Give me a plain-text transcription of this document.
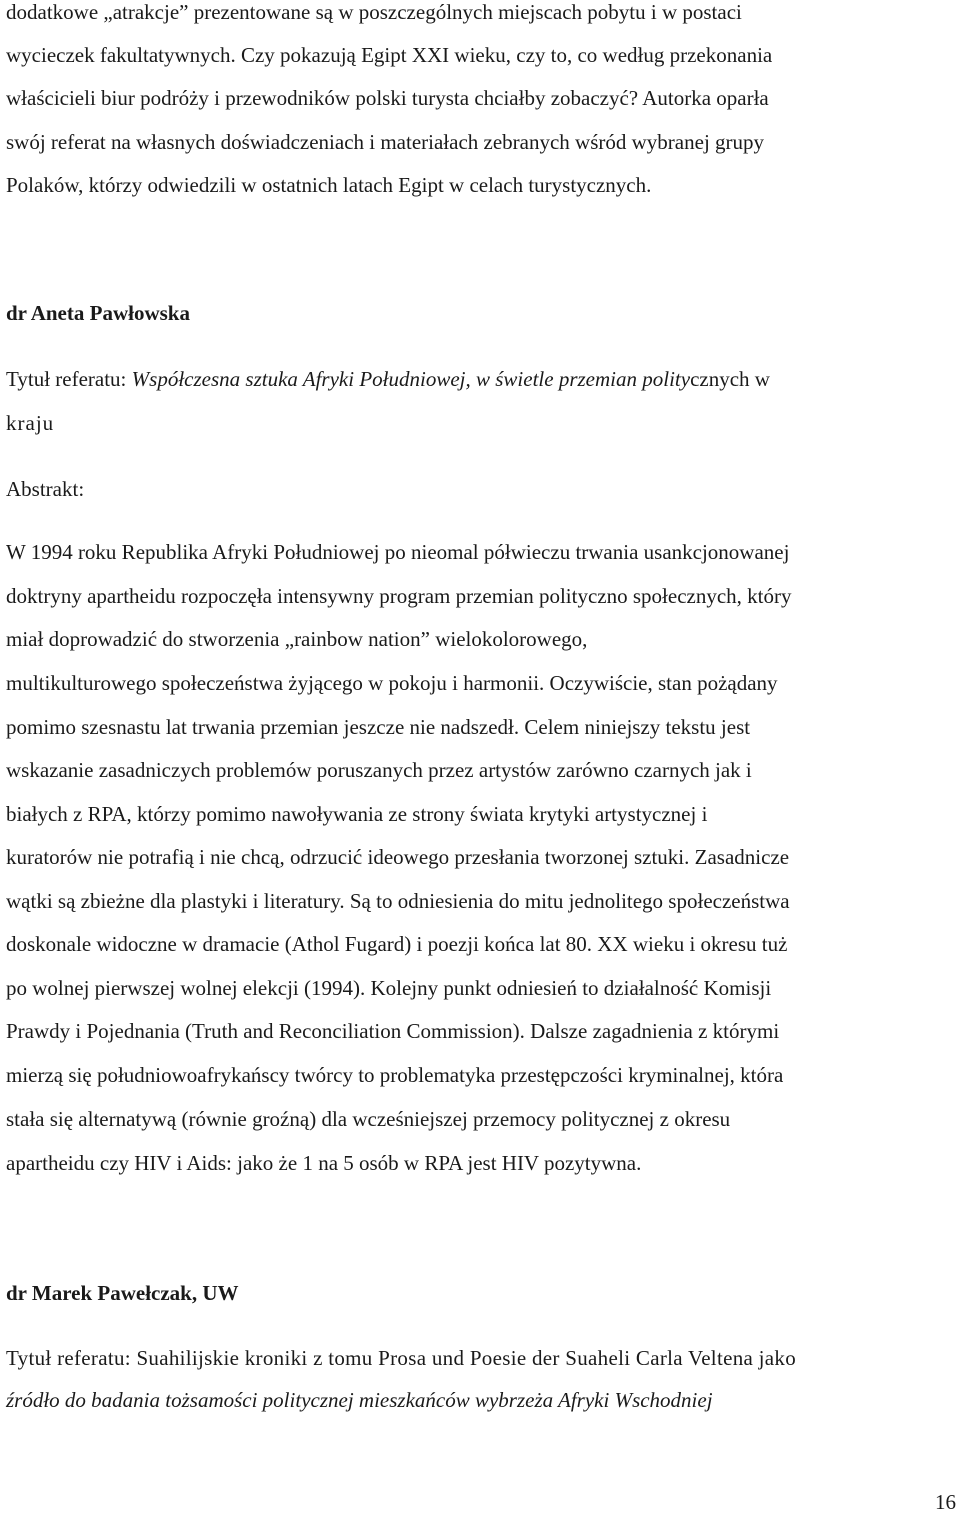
dodatkowe „atrakcje” prezentowane są w poszczególnych miejscach pobytu i w postaci
wycieczek fakultatywnych. Czy pokazują Egipt XXI wieku, czy to, co według przekonania
właścicieli biur podróży i przewodników polski turysta chciałby zobaczyć? Autorka oparła
swój referat na własnych doświadczeniach i materiałach zebranych wśród wybranej grupy
Polaków, którzy odwiedzili w ostatnich latach Egipt w celach turystycznych.
dr Aneta Pawłowska
Tytuł referatu: Współczesna sztuka Afryki Południowej, w świetle przemian politycznych w
kraju
Abstrakt:
W 1994 roku Republika Afryki Południowej po nieomal półwieczu trwania usankcjonowanej
doktryny apartheidu rozpoczęła intensywny program przemian polityczno społecznych, który
miał doprowadzić do stworzenia „rainbow nation” wielokolorowego,
multikulturowego społeczeństwa żyjącego w pokoju i harmonii. Oczywiście, stan pożądany
pomimo szesnastu lat trwania przemian jeszcze nie nadszedł. Celem niniejszy tekstu jest
wskazanie zasadniczych problemów poruszanych przez artystów zarówno czarnych jak i
białych z RPA, którzy pomimo nawoływania ze strony świata krytyki artystycznej i
kuratorów nie potrafią i nie chcą, odrzucić ideowego przesłania tworzonej sztuki. Zasadnicze
wątki są zbieżne dla plastyki i literatury. Są to odniesienia do mitu jednolitego społeczeństwa
doskonale widoczne w dramacie (Athol Fugard) i poezji końca lat 80. XX wieku i okresu tuż
po wolnej pierwszej wolnej elekcji (1994). Kolejny punkt odniesień to działalność Komisji
Prawdy i Pojednania (Truth and Reconciliation Commission). Dalsze zagadnienia z którymi
mierzą się południowoafrykańscy twórcy to problematyka przestępczości kryminalnej, która
stała się alternatywą (równie groźną) dla wcześniejszej przemocy politycznej z okresu
apartheidu czy HIV i Aids: jako że 1 na 5 osób w RPA jest HIV pozytywna.
dr Marek Pawełczak, UW
Tytuł referatu: Suahilijskie kroniki z tomu Prosa und Poesie der Suaheli Carla Veltena jako
źródło do badania tożsamości politycznej mieszkańców wybrzeża Afryki Wschodniej
16
